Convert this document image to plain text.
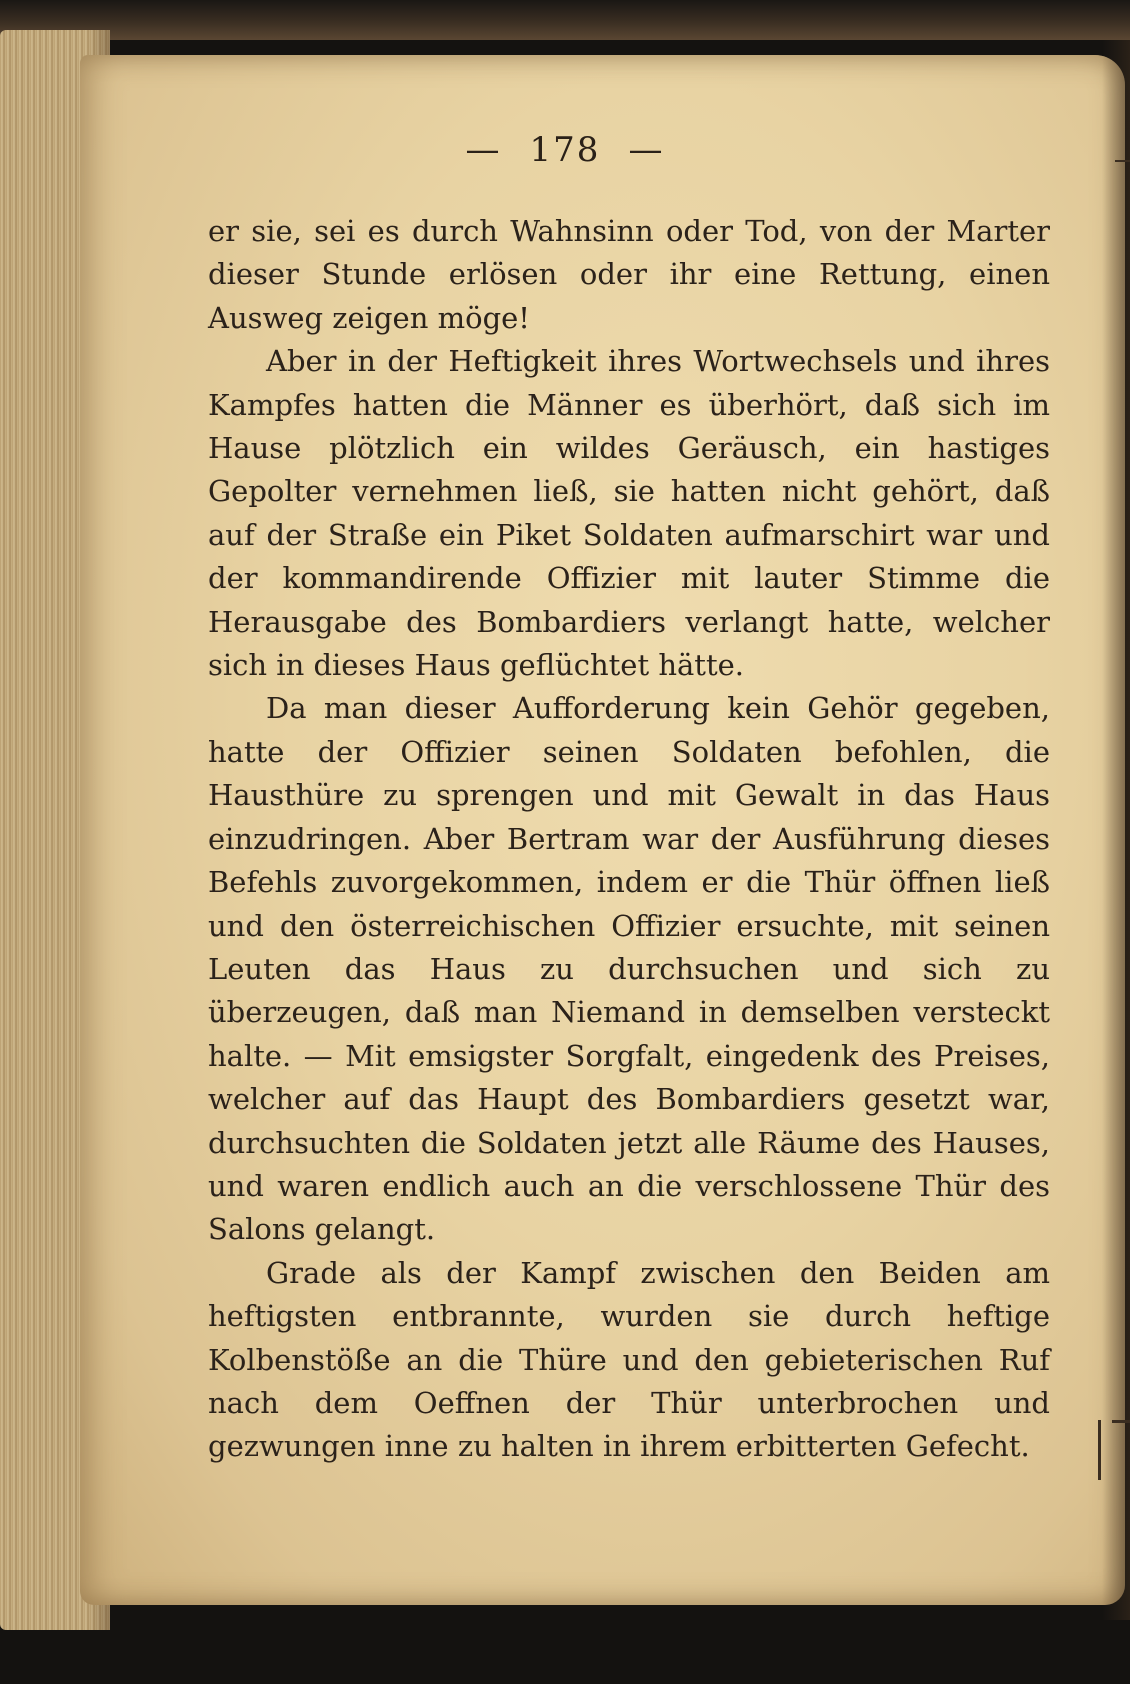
— 178 —

er sie, sei es durch Wahnsinn oder Tod, von der Marter dieser Stunde erlösen oder ihr eine Rettung, einen Ausweg zeigen möge!

Aber in der Heftigkeit ihres Wortwechsels und ihres Kampfes hatten die Männer es überhört, daß sich im Hause plötzlich ein wildes Geräusch, ein hastiges Gepolter vernehmen ließ, sie hatten nicht gehört, daß auf der Straße ein Piket Soldaten aufmarschirt war und der kommandirende Offizier mit lauter Stimme die Herausgabe des Bombardiers verlangt hatte, welcher sich in dieses Haus geflüchtet hätte.

Da man dieser Aufforderung kein Gehör gegeben, hatte der Offizier seinen Soldaten befohlen, die Hausthüre zu sprengen und mit Gewalt in das Haus einzudringen. Aber Bertram war der Ausführung dieses Befehls zuvorgekommen, indem er die Thür öffnen ließ und den österreichischen Offizier ersuchte, mit seinen Leuten das Haus zu durchsuchen und sich zu überzeugen, daß man Niemand in demselben versteckt halte. — Mit emsigster Sorgfalt, eingedenk des Preises, welcher auf das Haupt des Bombardiers gesetzt war, durchsuchten die Soldaten jetzt alle Räume des Hauses, und waren endlich auch an die verschlossene Thür des Salons gelangt.

Grade als der Kampf zwischen den Beiden am heftigsten entbrannte, wurden sie durch heftige Kolbenstöße an die Thüre und den gebieterischen Ruf nach dem Oeffnen der Thür unterbrochen und gezwungen inne zu halten in ihrem erbitterten Gefecht.
